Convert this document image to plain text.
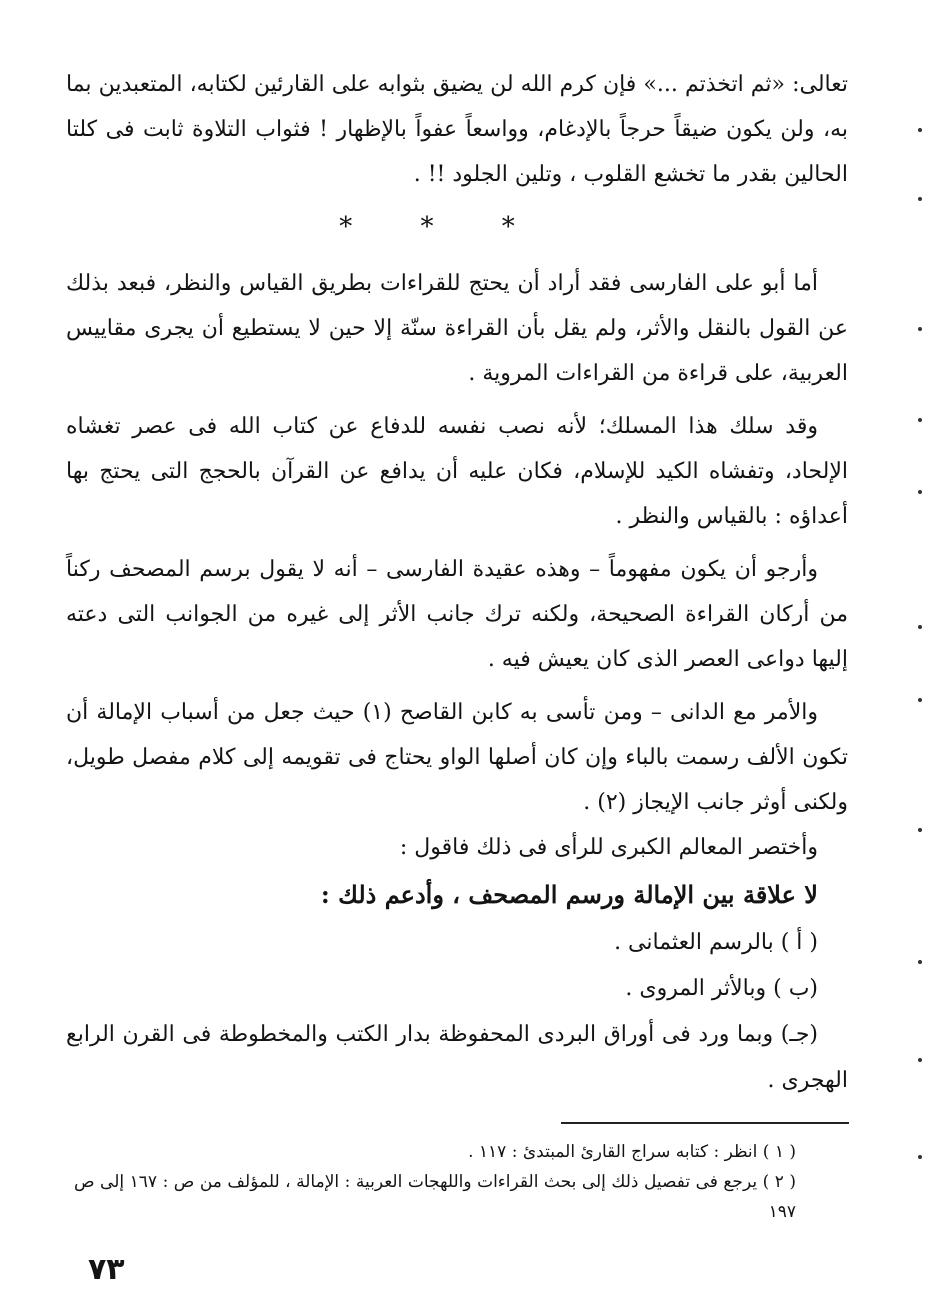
تعالى: «ثم اتخذتم ...» فإن كرم الله لن يضيق بثوابه على القارئين لكتابه، المتعبدين بما به، ولن يكون ضيقاً حرجاً بالإدغام، وواسعاً عفواً بالإظهار ! فثواب التلاوة ثابت فى كلتا الحالين بقدر ما تخشع القلوب ، وتلين الجلود !! .

* * *

أما أبو على الفارسى فقد أراد أن يحتج للقراءات بطريق القياس والنظر، فبعد بذلك عن القول بالنقل والأثر، ولم يقل بأن القراءة سنّة إلا حين لا يستطيع أن يجرى مقاييس العربية، على قراءة من القراءات المروية .

وقد سلك هذا المسلك؛ لأنه نصب نفسه للدفاع عن كتاب الله فى عصر تغشاه الإلحاد، وتفشاه الكيد للإسلام، فكان عليه أن يدافع عن القرآن بالحجج التى يحتج بها أعداؤه : بالقياس والنظر .

وأرجو أن يكون مفهوماً – وهذه عقيدة الفارسى – أنه لا يقول برسم المصحف ركناً من أركان القراءة الصحيحة، ولكنه ترك جانب الأثر إلى غيره من الجوانب التى دعته إليها دواعى العصر الذى كان يعيش فيه .

والأمر مع الدانى – ومن تأسى به كابن القاصح (١) حيث جعل من أسباب الإمالة أن تكون الألف رسمت بالباء وإن كان أصلها الواو يحتاج فى تقويمه إلى كلام مفصل طويل، ولكنى أوثر جانب الإيجاز (٢) .

وأختصر المعالم الكبرى للرأى فى ذلك فاقول :

لا علاقة بين الإمالة ورسم المصحف ، وأدعم ذلك :

( أ ) بالرسم العثمانى .

(ب ) وبالأثر المروى .

(جـ) وبما ورد فى أوراق البردى المحفوظة بدار الكتب والمخطوطة فى القرن الرابع الهجرى .

( ١ ) انظر : كتابه سراج القارئ المبتدئ : ١١٧ .

( ٢ ) يرجع فى تفصيل ذلك إلى بحث القراءات واللهجات العربية : الإمالة ، للمؤلف من ص : ١٦٧ إلى ص ١٩٧

٧٣
